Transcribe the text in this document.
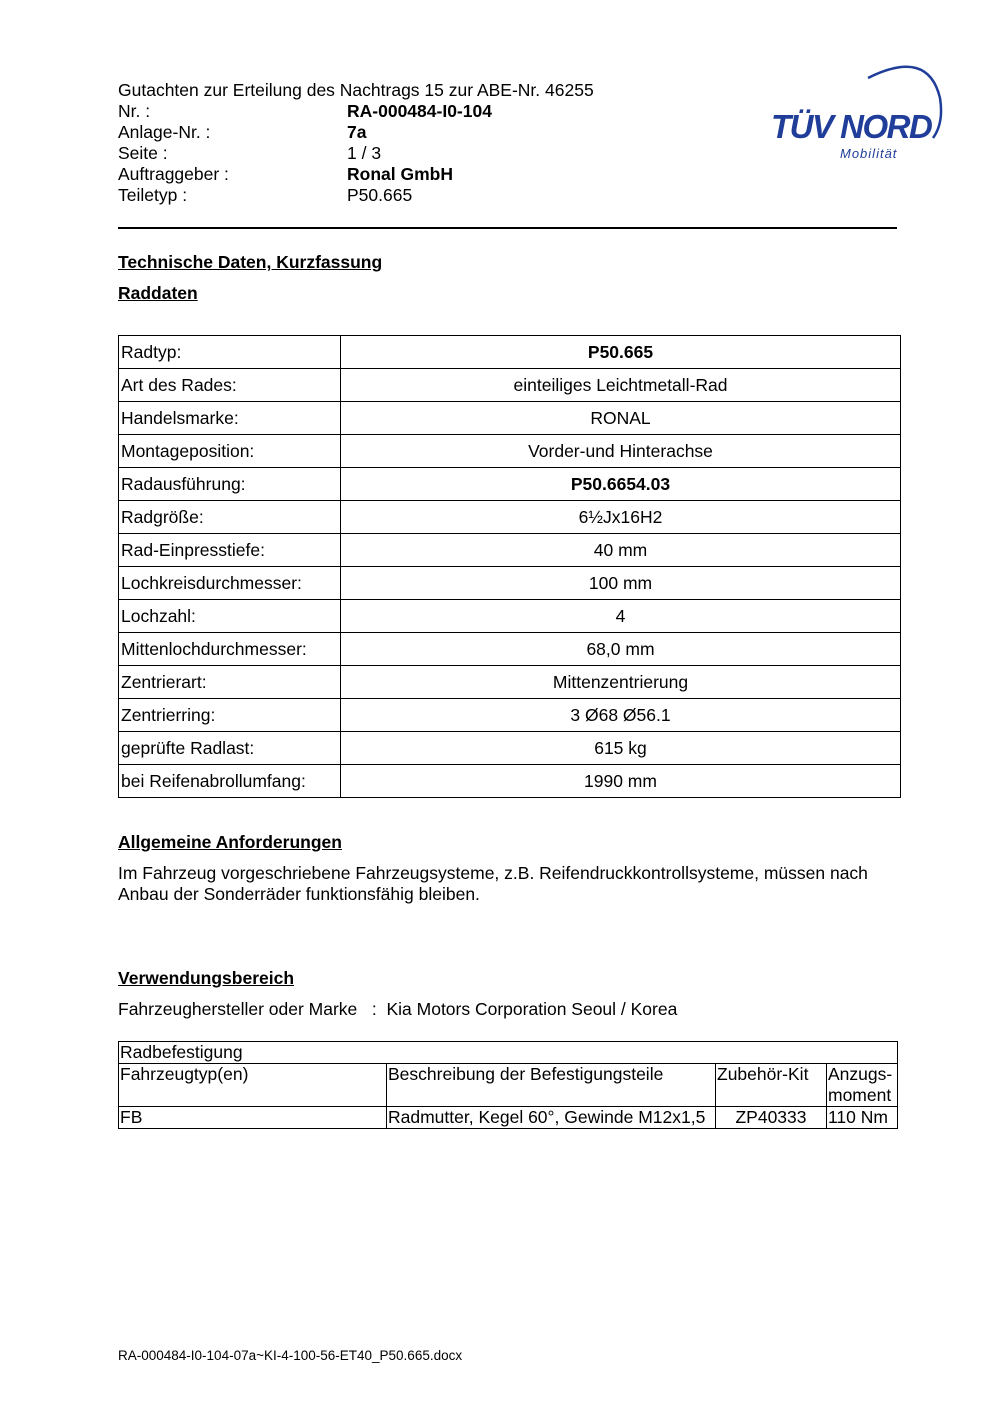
Gutachten zur Erteilung des Nachtrags 15 zur ABE-Nr. 46255
Nr. :	RA-000484-I0-104
Anlage-Nr. :	7a
Seite :	1 / 3
Auftraggeber :	Ronal GmbH
Teiletyp :	P50.665
TÜV NORD
Mobilität
Technische Daten, Kurzfassung
Raddaten
Radtyp:	P50.665
Art des Rades:	einteiliges Leichtmetall-Rad
Handelsmarke:	RONAL
Montageposition:	Vorder-und Hinterachse
Radausführung:	P50.6654.03
Radgröße:	6½Jx16H2
Rad-Einpresstiefe:	40 mm
Lochkreisdurchmesser:	100 mm
Lochzahl:	4
Mittenlochdurchmesser:	68,0 mm
Zentrierart:	Mittenzentrierung
Zentrierring:	3 Ø68 Ø56.1
geprüfte Radlast:	615 kg
bei Reifenabrollumfang:	1990 mm
Allgemeine Anforderungen
Im Fahrzeug vorgeschriebene Fahrzeugsysteme, z.B. Reifendruckkontrollsysteme, müssen nach Anbau der Sonderräder funktionsfähig bleiben.
Verwendungsbereich
Fahrzeughersteller oder Marke : Kia Motors Corporation Seoul / Korea
Radbefestigung			
Fahrzeugtyp(en)	Beschreibung der Befestigungsteile	Zubehör-Kit	Anzugs-moment
FB	Radmutter, Kegel 60°, Gewinde M12x1,5	ZP40333	110 Nm
RA-000484-I0-104-07a~KI-4-100-56-ET40_P50.665.docx
